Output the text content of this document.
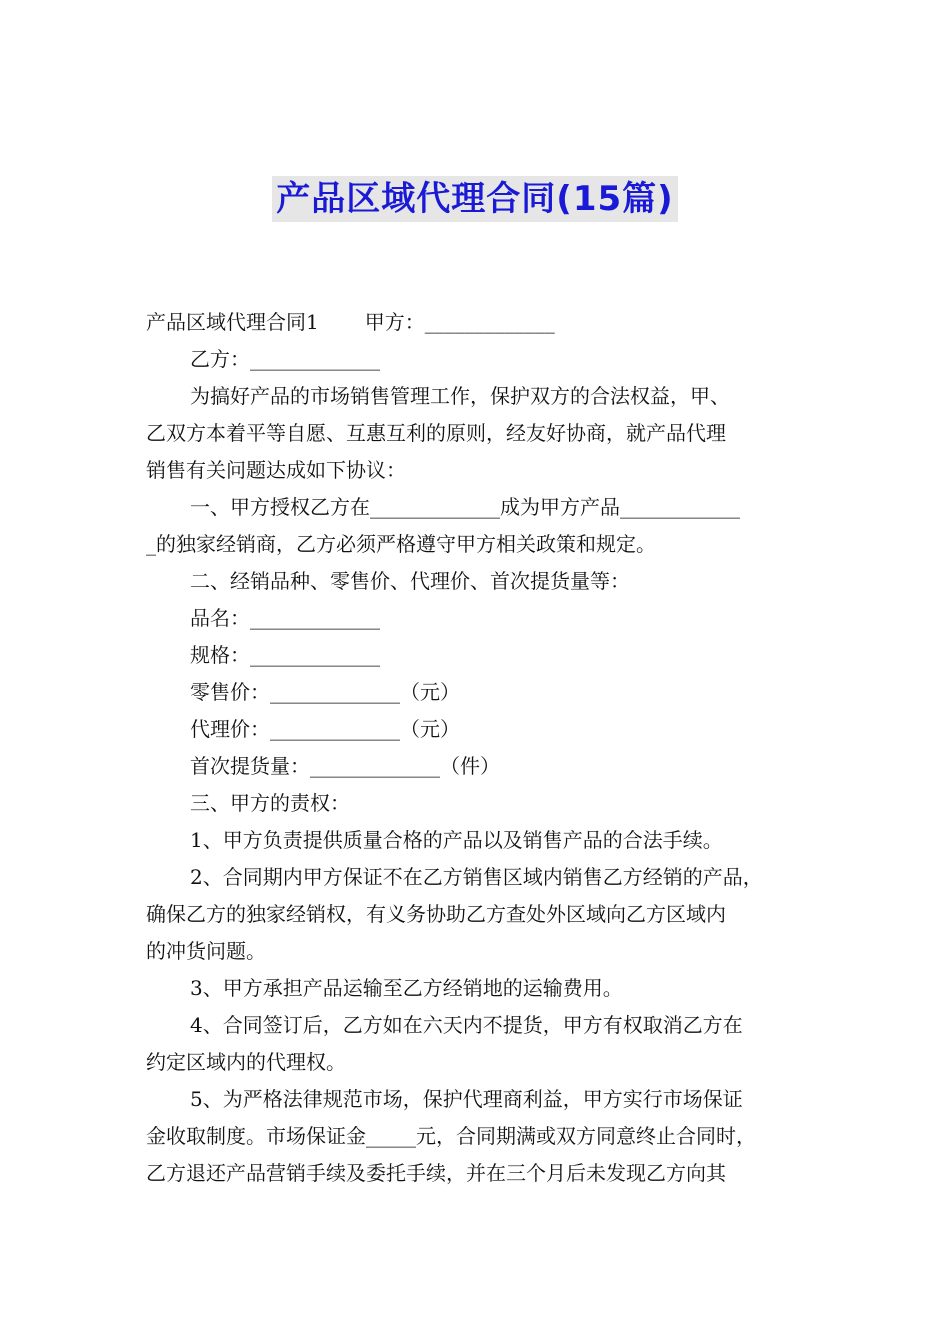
产品区域代理合同(15篇)
产品区域代理合同1 甲方：_____________
乙方：_____________
为搞好产品的市场销售管理工作，保护双方的合法权益，甲、
乙双方本着平等自愿、互惠互利的原则，经友好协商，就产品代理
销售有关问题达成如下协议：
一、甲方授权乙方在_____________成为甲方产品____________
_的独家经销商，乙方必须严格遵守甲方相关政策和规定。
二、经销品种、零售价、代理价、首次提货量等：
品名：_____________
规格：_____________
零售价：_____________（元）
代理价：_____________（元）
首次提货量：_____________（件）
三、甲方的责权：
1、甲方负责提供质量合格的产品以及销售产品的合法手续。
2、合同期内甲方保证不在乙方销售区域内销售乙方经销的产品，
确保乙方的独家经销权，有义务协助乙方查处外区域向乙方区域内
的冲货问题。
3、甲方承担产品运输至乙方经销地的运输费用。
4、合同签订后，乙方如在六天内不提货，甲方有权取消乙方在
约定区域内的代理权。
5、为严格法律规范市场，保护代理商利益，甲方实行市场保证
金收取制度。市场保证金_____元，合同期满或双方同意终止合同时，
乙方退还产品营销手续及委托手续，并在三个月后未发现乙方向其
